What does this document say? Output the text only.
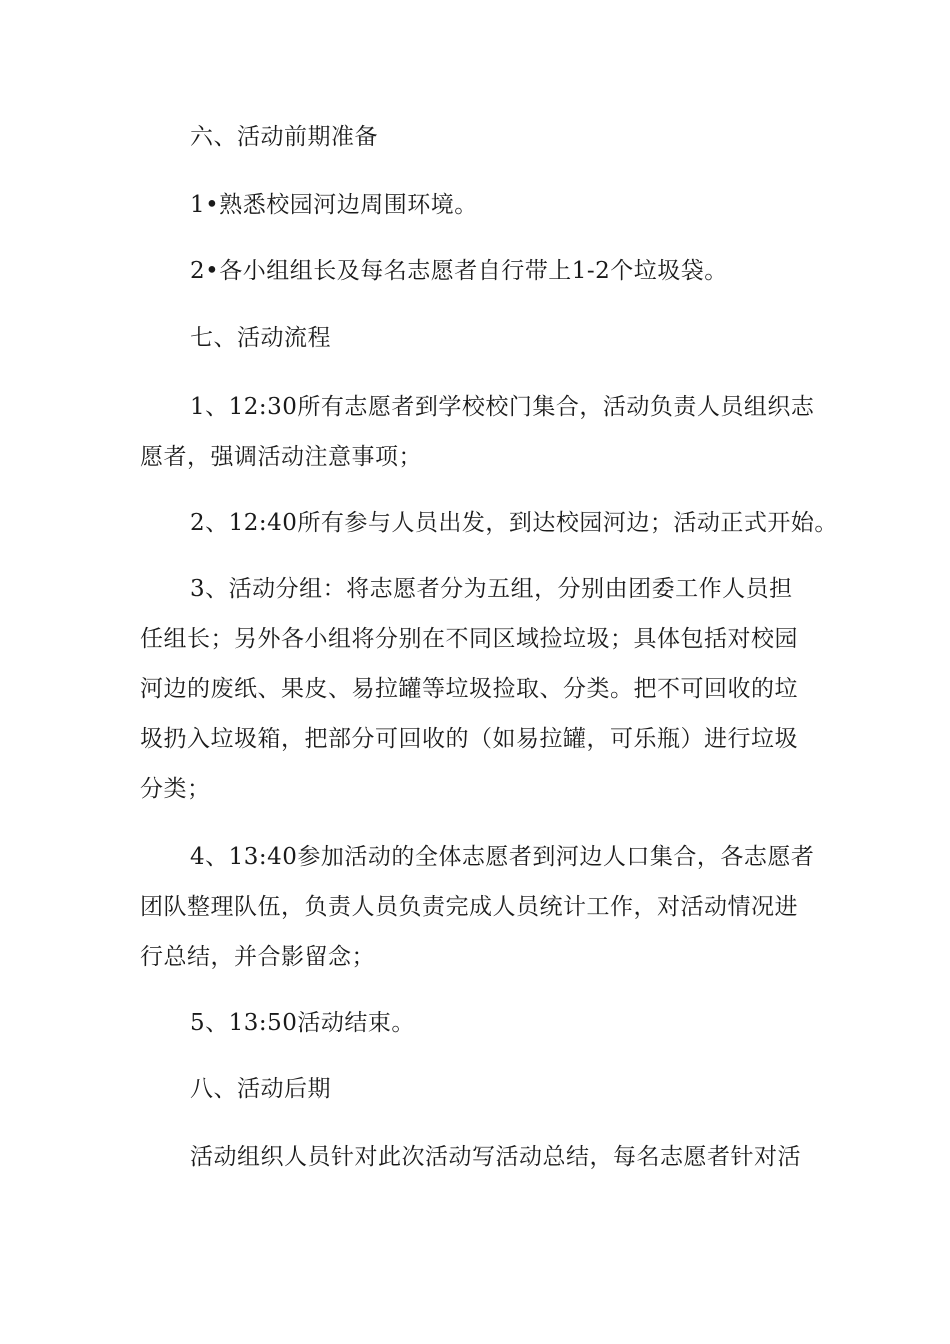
六、活动前期准备
1•熟悉校园河边周围环境。
2•各小组组长及每名志愿者自行带上1-2个垃圾袋。
七、活动流程
1、12:30所有志愿者到学校校门集合，活动负责人员组织志
愿者，强调活动注意事项；
2、12:40所有参与人员出发，到达校园河边；活动正式开始。
3、活动分组：将志愿者分为五组，分别由团委工作人员担
任组长；另外各小组将分别在不同区域捡垃圾；具体包括对校园
河边的废纸、果皮、易拉罐等垃圾捡取、分类。把不可回收的垃
圾扔入垃圾箱，把部分可回收的（如易拉罐，可乐瓶）进行垃圾
分类；
4、13:40参加活动的全体志愿者到河边人口集合，各志愿者
团队整理队伍，负责人员负责完成人员统计工作，对活动情况进
行总结，并合影留念；
5、13:50活动结束。
八、活动后期
活动组织人员针对此次活动写活动总结，每名志愿者针对活
